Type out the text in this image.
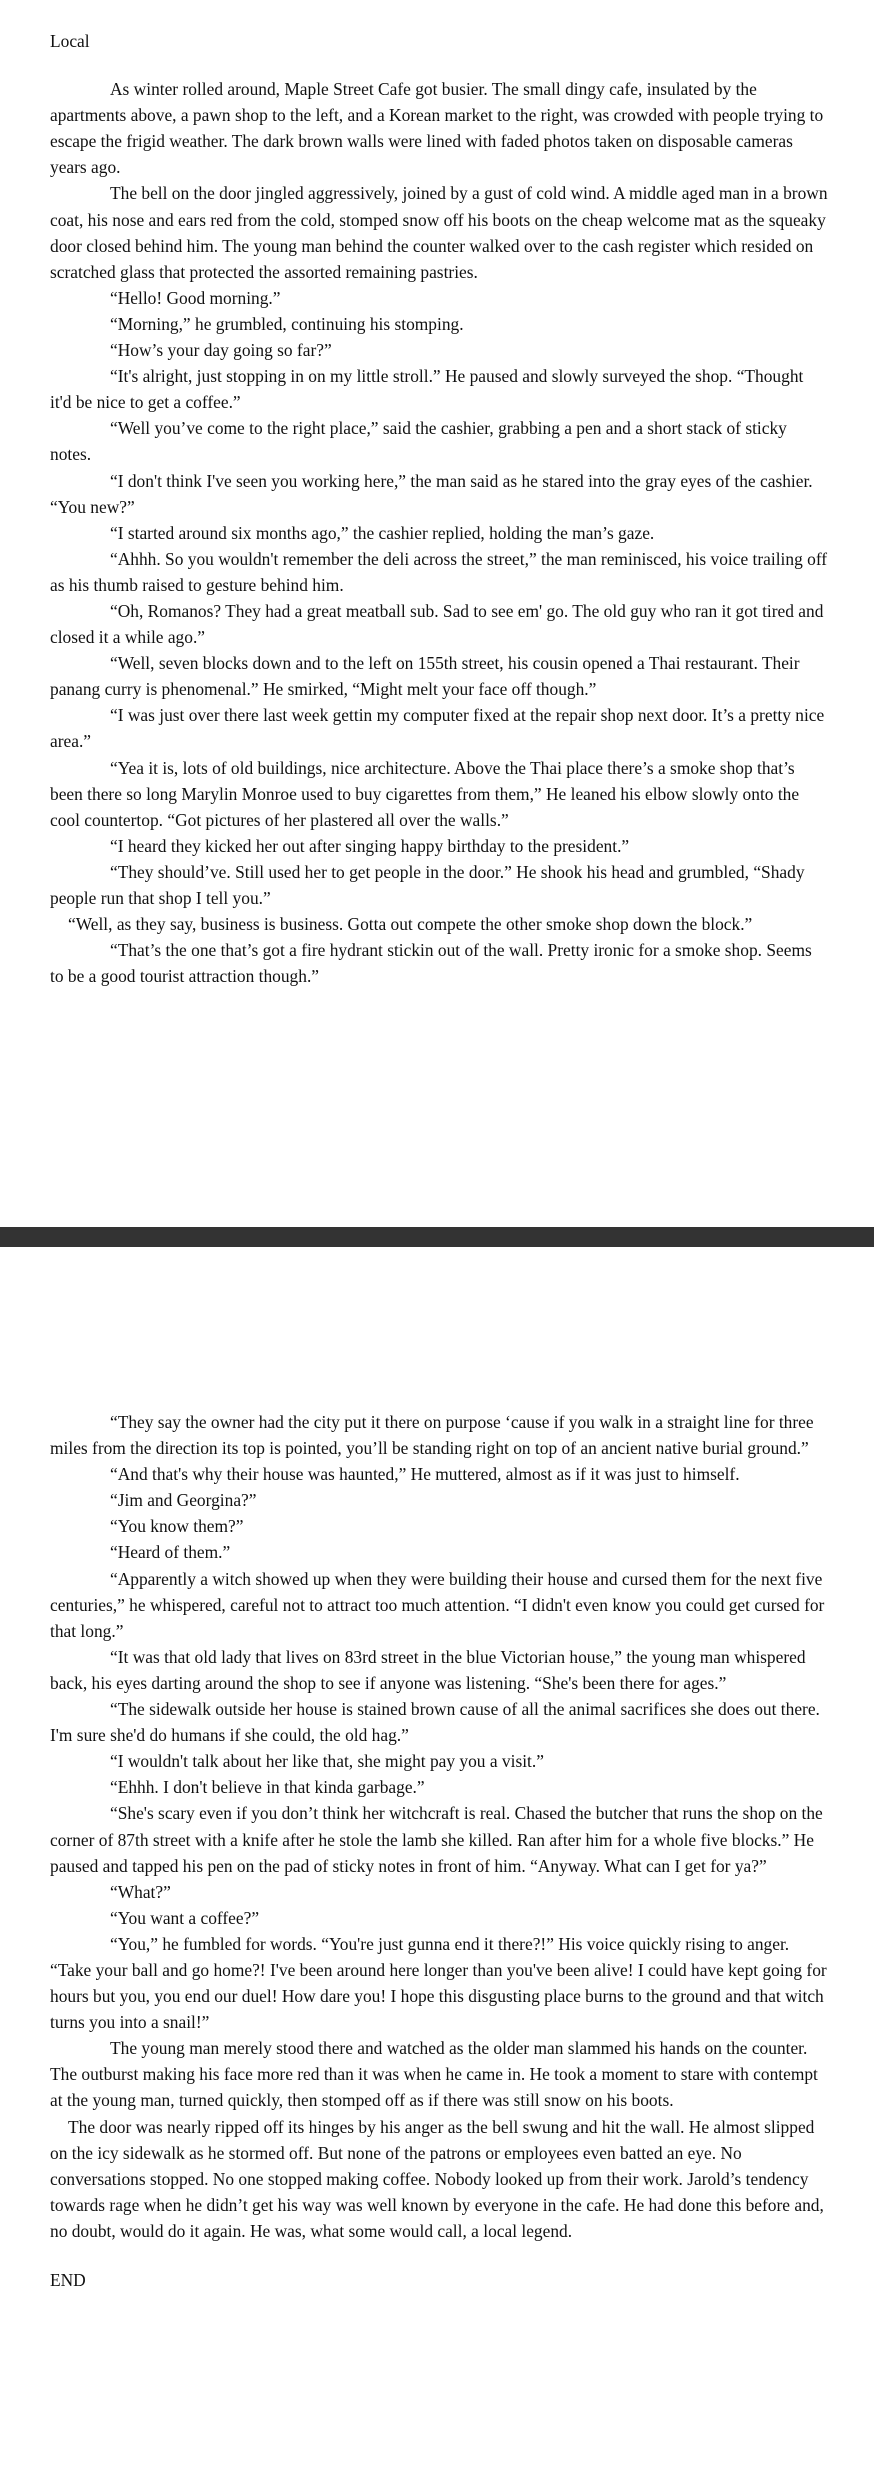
Local

As winter rolled around, Maple Street Cafe got busier. The small dingy cafe, insulated by the apartments above, a pawn shop to the left, and a Korean market to the right, was crowded with people trying to escape the frigid weather. The dark brown walls were lined with faded photos taken on disposable cameras years ago.

The bell on the door jingled aggressively, joined by a gust of cold wind. A middle aged man in a brown coat, his nose and ears red from the cold, stomped snow off his boots on the cheap welcome mat as the squeaky door closed behind him. The young man behind the counter walked over to the cash register which resided on scratched glass that protected the assorted remaining pastries.

“Hello! Good morning.”

“Morning,” he grumbled, continuing his stomping.

“How’s your day going so far?”

“It's alright, just stopping in on my little stroll.” He paused and slowly surveyed the shop. “Thought it'd be nice to get a coffee.”

“Well you’ve come to the right place,” said the cashier, grabbing a pen and a short stack of sticky notes.

“I don't think I've seen you working here,” the man said as he stared into the gray eyes of the cashier. “You new?”

“I started around six months ago,” the cashier replied, holding the man’s gaze.

“Ahhh. So you wouldn't remember the deli across the street,” the man reminisced, his voice trailing off as his thumb raised to gesture behind him.

“Oh, Romanos? They had a great meatball sub. Sad to see em' go. The old guy who ran it got tired and closed it a while ago.”

“Well, seven blocks down and to the left on 155th street, his cousin opened a Thai restaurant. Their panang curry is phenomenal.” He smirked, “Might melt your face off though.”

“I was just over there last week gettin my computer fixed at the repair shop next door. It’s a pretty nice area.”

“Yea it is, lots of old buildings, nice architecture. Above the Thai place there’s a smoke shop that’s been there so long Marylin Monroe used to buy cigarettes from them,” He leaned his elbow slowly onto the cool countertop. “Got pictures of her plastered all over the walls.”

“I heard they kicked her out after singing happy birthday to the president.”

“They should’ve. Still used her to get people in the door.” He shook his head and grumbled, “Shady people run that shop I tell you.”

“Well, as they say, business is business. Gotta out compete the other smoke shop down the block.”

“That’s the one that’s got a fire hydrant stickin out of the wall. Pretty ironic for a smoke shop. Seems to be a good tourist attraction though.”

“They say the owner had the city put it there on purpose ‘cause if you walk in a straight line for three miles from the direction its top is pointed, you’ll be standing right on top of an ancient native burial ground.”

“And that's why their house was haunted,” He muttered, almost as if it was just to himself.

“Jim and Georgina?”

“You know them?”

“Heard of them.”

“Apparently a witch showed up when they were building their house and cursed them for the next five centuries,” he whispered, careful not to attract too much attention. “I didn't even know you could get cursed for that long.”

“It was that old lady that lives on 83rd street in the blue Victorian house,” the young man whispered back, his eyes darting around the shop to see if anyone was listening. “She's been there for ages.”

“The sidewalk outside her house is stained brown cause of all the animal sacrifices she does out there. I'm sure she'd do humans if she could, the old hag.”

“I wouldn't talk about her like that, she might pay you a visit.”

“Ehhh. I don't believe in that kinda garbage.”

“She's scary even if you don’t think her witchcraft is real. Chased the butcher that runs the shop on the corner of 87th street with a knife after he stole the lamb she killed. Ran after him for a whole five blocks.” He paused and tapped his pen on the pad of sticky notes in front of him. “Anyway. What can I get for ya?”

“What?”

“You want a coffee?”

“You,” he fumbled for words. “You're just gunna end it there?!” His voice quickly rising to anger. “Take your ball and go home?! I've been around here longer than you've been alive! I could have kept going for hours but you, you end our duel! How dare you! I hope this disgusting place burns to the ground and that witch turns you into a snail!”

The young man merely stood there and watched as the older man slammed his hands on the counter. The outburst making his face more red than it was when he came in. He took a moment to stare with contempt at the young man, turned quickly, then stomped off as if there was still snow on his boots.

The door was nearly ripped off its hinges by his anger as the bell swung and hit the wall. He almost slipped on the icy sidewalk as he stormed off. But none of the patrons or employees even batted an eye. No conversations stopped. No one stopped making coffee. Nobody looked up from their work. Jarold’s tendency towards rage when he didn’t get his way was well known by everyone in the cafe. He had done this before and, no doubt, would do it again. He was, what some would call, a local legend.

END
